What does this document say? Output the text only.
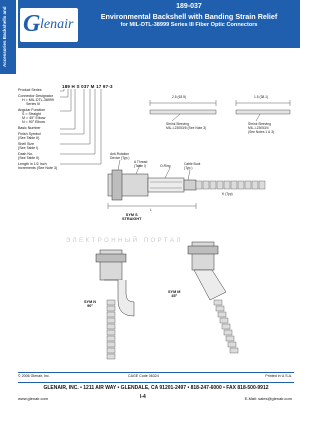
Accessories Backshells and G lenair
189-037
Environmental Backshell with Banding Strain Relief
for MIL-DTL-38999 Series III Fiber Optic Connectors
189 H S 037 M 17 97-3
Product Series
Connector Designator
H = MIL-DTL-38999
Series III
Angular Function
S = Straight
M = 45° Elbow
N = 90° Elbow
Basic Number
Finish Symbol
(See Table II)
Shell Size
(See Table I)
Dash No.
(See Table II)
Length in 1/2 Inch
Increments (See Note 3)
2.5 (63.5)	1.5 (38.1)
Shrink Sleeving
MIL-I-23053/5 (See Note 3)
Shrink Sleeving
MIL-I-23053/4
(See Notes 1 & 3)
Anti-Rotation
Device (Typ.)
A Thread
(Table I)	Cable Boot
(Typ.)
O-Ring
L
K (Typ)
SYM S
STRAIGHT
SYM N
90°
SYM M
45°
ЭЛЕКТРОННЫЙ ПОРТАЛ
© 2006 Glenair, Inc.	CAGE Code 06324	Printed in U.S.A.
GLENAIR, INC. • 1211 AIR WAY • GLENDALE, CA 91201-2497 • 818-247-6000 • FAX 818-500-9912
www.glenair.com	I-4	E-Mail: sales@glenair.com
